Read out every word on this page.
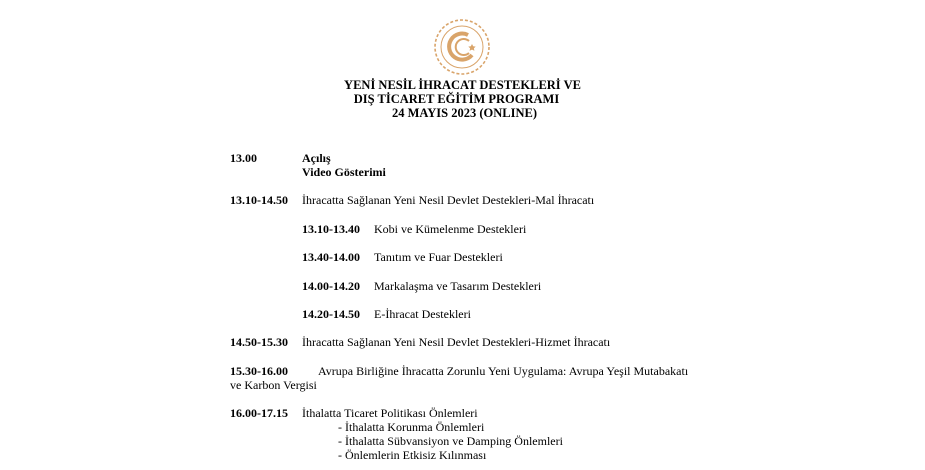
YENİ NESİL İHRACAT DESTEKLERİ VE
DIŞ TİCARET EĞİTİM PROGRAMI
24 MAYIS 2023 (ONLINE)
13.00	Açılış
Video Gösterimi
13.10-14.50 İhracatta Sağlanan Yeni Nesil Devlet Destekleri-Mal İhracatı
13.10-13.40 Kobi ve Kümelenme Destekleri
13.40-14.00 Tanıtım ve Fuar Destekleri
14.00-14.20 Markalaşma ve Tasarım Destekleri
14.20-14.50 E-İhracat Destekleri
14.50-15.30 İhracatta Sağlanan Yeni Nesil Devlet Destekleri-Hizmet İhracatı
15.30-16.00	Avrupa Birliğine İhracatta Zorunlu Yeni Uygulama: Avrupa Yeşil Mutabakatı
ve Karbon Vergisi
16.00-17.15 İthalatta Ticaret Politikası Önlemleri
- İthalatta Korunma Önlemleri
- İthalatta Sübvansiyon ve Damping Önlemleri
- Önlemlerin Etkisiz Kılınması
